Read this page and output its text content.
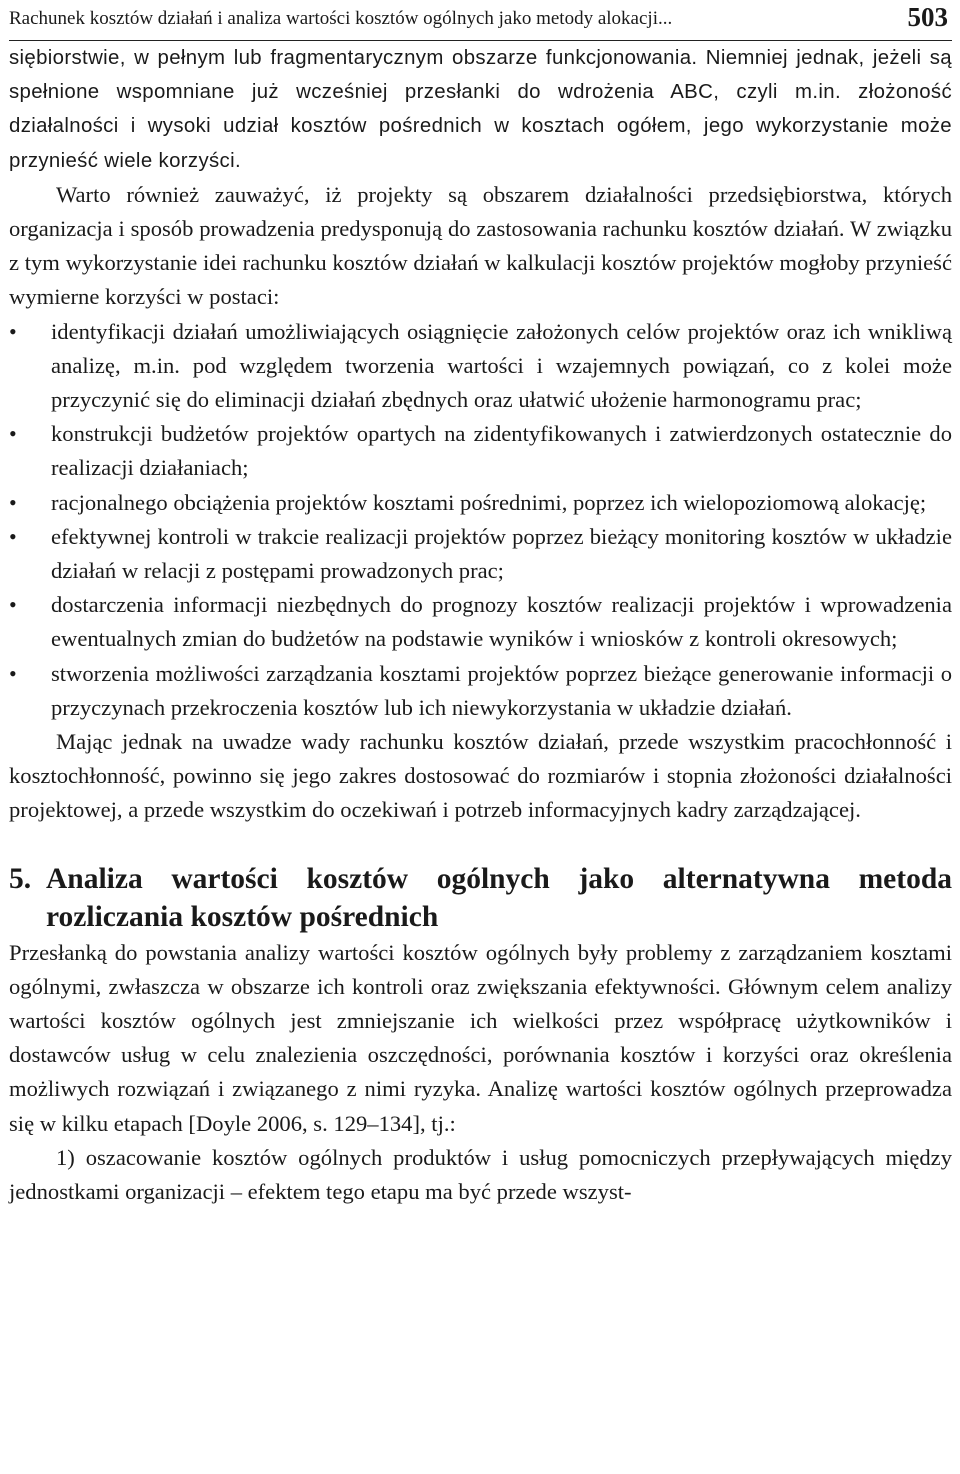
Rachunek kosztów działań i analiza wartości kosztów ogólnych jako metody alokacji...	503

siębiorstwie, w pełnym lub fragmentarycznym obszarze funkcjonowania. Niemniej jednak, jeżeli są spełnione wspomniane już wcześniej przesłanki do wdrożenia ABC, czyli m.in. złożoność działalności i wysoki udział kosztów pośrednich w kosztach ogółem, jego wykorzystanie może przynieść wiele korzyści.

Warto również zauważyć, iż projekty są obszarem działalności przedsiębiorstwa, których organizacja i sposób prowadzenia predysponują do zastosowania rachunku kosztów działań. W związku z tym wykorzystanie idei rachunku kosztów działań w kalkulacji kosztów projektów mogłoby przynieść wymierne korzyści w postaci:

•	identyfikacji działań umożliwiających osiągnięcie założonych celów projektów oraz ich wnikliwą analizę, m.in. pod względem tworzenia wartości i wzajemnych powiązań, co z kolei może przyczynić się do eliminacji działań zbędnych oraz ułatwić ułożenie harmonogramu prac;
•	konstrukcji budżetów projektów opartych na zidentyfikowanych i zatwierdzonych ostatecznie do realizacji działaniach;
•	racjonalnego obciążenia projektów kosztami pośrednimi, poprzez ich wielopoziomową alokację;
•	efektywnej kontroli w trakcie realizacji projektów poprzez bieżący monitoring kosztów w układzie działań w relacji z postępami prowadzonych prac;
•	dostarczenia informacji niezbędnych do prognozy kosztów realizacji projektów i wprowadzenia ewentualnych zmian do budżetów na podstawie wyników i wniosków z kontroli okresowych;
•	stworzenia możliwości zarządzania kosztami projektów poprzez bieżące generowanie informacji o przyczynach przekroczenia kosztów lub ich niewykorzystania w układzie działań.

Mając jednak na uwadze wady rachunku kosztów działań, przede wszystkim pracochłonność i kosztochłonność, powinno się jego zakres dostosować do rozmiarów i stopnia złożoności działalności projektowej, a przede wszystkim do oczekiwań i potrzeb informacyjnych kadry zarządzającej.

5. Analiza wartości kosztów ogólnych jako alternatywna metoda rozliczania kosztów pośrednich

Przesłanką do powstania analizy wartości kosztów ogólnych były problemy z zarządzaniem kosztami ogólnymi, zwłaszcza w obszarze ich kontroli oraz zwiększania efektywności. Głównym celem analizy wartości kosztów ogólnych jest zmniejszanie ich wielkości przez współpracę użytkowników i dostawców usług w celu znalezienia oszczędności, porównania kosztów i korzyści oraz określenia możliwych rozwiązań i związanego z nimi ryzyka. Analizę wartości kosztów ogólnych przeprowadza się w kilku etapach [Doyle 2006, s. 129–134], tj.:

1) oszacowanie kosztów ogólnych produktów i usług pomocniczych przepływających między jednostkami organizacji – efektem tego etapu ma być przede wszyst-
